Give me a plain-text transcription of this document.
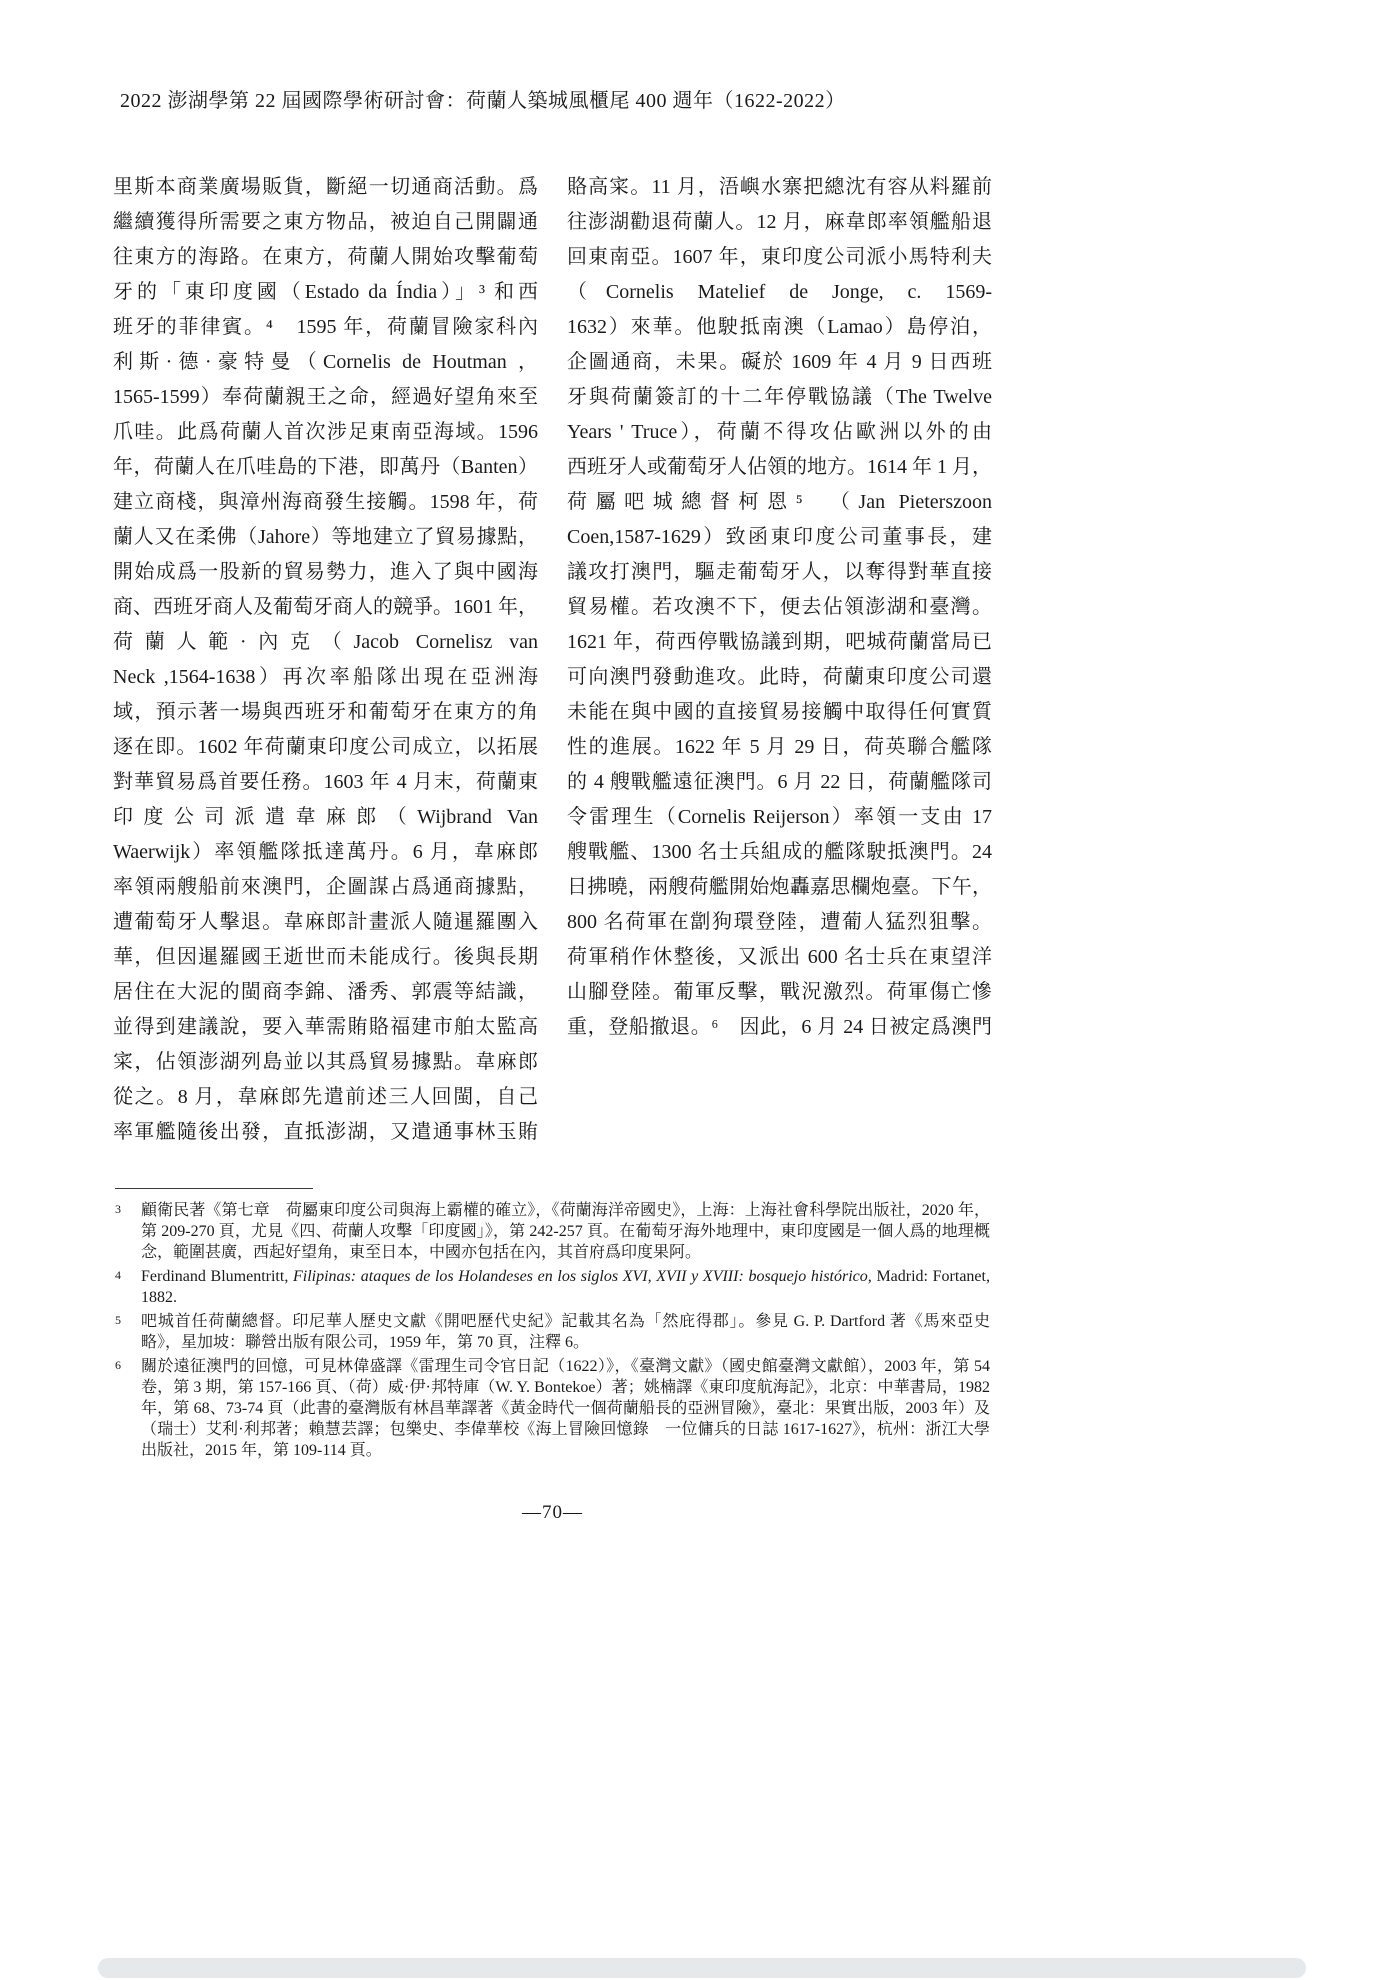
2022 澎湖學第 22 屆國際學術研討會：荷蘭人築城風櫃尾 400 週年（1622-2022）
里斯本商業廣場販貨，斷絕一切通商活動。爲
繼續獲得所需要之東方物品，被迫自己開闢通
往東方的海路。在東方，荷蘭人開始攻擊葡萄
牙的「東印度國（Estado da Índia）」³ 和西
班牙的菲律賓。⁴　1595 年，荷蘭冒險家科內
利斯·德·豪特曼（Cornelis de Houtman ，
1565-1599）奉荷蘭親王之命，經過好望角來至
爪哇。此爲荷蘭人首次涉足東南亞海域。1596
年，荷蘭人在爪哇島的下港，即萬丹（Banten）
建立商棧，與漳州海商發生接觸。1598 年，荷
蘭人又在柔佛（Jahore）等地建立了貿易據點，
開始成爲一股新的貿易勢力，進入了與中國海
商、西班牙商人及葡萄牙商人的競爭。1601 年，
荷蘭人範·內克（Jacob Cornelisz van
Neck ,1564-1638）再次率船隊出現在亞洲海
域，預示著一場與西班牙和葡萄牙在東方的角
逐在即。1602 年荷蘭東印度公司成立，以拓展
對華貿易爲首要任務。1603 年 4 月末，荷蘭東
印度公司派遣韋麻郎（Wijbrand Van
Waerwijk）率領艦隊抵達萬丹。6 月，韋麻郎
率領兩艘船前來澳門，企圖謀占爲通商據點，
遭葡萄牙人擊退。韋麻郎計畫派人隨暹羅團入
華，但因暹羅國王逝世而未能成行。後與長期
居住在大泥的閩商李錦、潘秀、郭震等結識，
並得到建議說，要入華需賄賂福建市舶太監高
寀，佔領澎湖列島並以其爲貿易據點。韋麻郎
從之。8 月，韋麻郎先遣前述三人回閩，自己
率軍艦隨後出發，直抵澎湖，又遣通事林玉賄
賂高寀。11 月，浯嶼水寨把總沈有容从料羅前
往澎湖勸退荷蘭人。12 月，麻韋郎率領艦船退
回東南亞。1607 年，東印度公司派小馬特利夫
（Cornelis Matelief de Jonge, c. 1569-
1632）來華。他駛抵南澳（Lamao）島停泊，
企圖通商，未果。礙於 1609 年 4 月 9 日西班
牙與荷蘭簽訂的十二年停戰協議（The Twelve
Years ' Truce），荷蘭不得攻佔歐洲以外的由
西班牙人或葡萄牙人佔領的地方。1614 年 1 月，
荷屬吧城總督柯恩⁵　（Jan Pieterszoon
Coen,1587-1629）致函東印度公司董事長，建
議攻打澳門，驅走葡萄牙人，以奪得對華直接
貿易權。若攻澳不下，便去佔領澎湖和臺灣。
1621 年，荷西停戰協議到期，吧城荷蘭當局已
可向澳門發動進攻。此時，荷蘭東印度公司還
未能在與中國的直接貿易接觸中取得任何實質
性的進展。1622 年 5 月 29 日，荷英聯合艦隊
的 4 艘戰艦遠征澳門。6 月 22 日，荷蘭艦隊司
令雷理生（Cornelis Reijerson）率領一支由 17
艘戰艦、1300 名士兵組成的艦隊駛抵澳門。24
日拂曉，兩艘荷艦開始炮轟嘉思欄炮臺。下午，
800 名荷軍在劏狗環登陸，遭葡人猛烈狙擊。
荷軍稍作休整後，又派出 600 名士兵在東望洋
山腳登陸。葡軍反擊，戰況激烈。荷軍傷亡慘
重，登船撤退。⁶　因此，6 月 24 日被定爲澳門
3	顧衛民著《第七章　荷屬東印度公司與海上霸權的確立》，《荷蘭海洋帝國史》，上海：上海社會科學院出版社，2020 年，第 209-270 頁，尤見《四、荷蘭人攻擊「印度國」》，第 242-257 頁。在葡萄牙海外地理中，東印度國是一個人爲的地理概念，範圍甚廣，西起好望角，東至日本，中國亦包括在內，其首府爲印度果阿。
4	Ferdinand Blumentritt, Filipinas: ataques de los Holandeses en los siglos XVI, XVII y XVIII: bosquejo histórico, Madrid: Fortanet, 1882.
5	吧城首任荷蘭總督。印尼華人歷史文獻《開吧歷代史紀》記載其名為「然庇得郡」。參見 G. P. Dartford 著《馬來亞史略》，星加坡：聯營出版有限公司，1959 年，第 70 頁，注釋 6。
6	關於遠征澳門的回憶，可見林偉盛譯《雷理生司令官日記（1622）》，《臺灣文獻》（國史館臺灣文獻館），2003 年，第 54 卷，第 3 期，第 157-166 頁、（荷）威·伊·邦特庫（W. Y. Bontekoe）著；姚楠譯《東印度航海記》，北京：中華書局，1982 年，第 68、73-74 頁（此書的臺灣版有林昌華譯著《黃金時代一個荷蘭船長的亞洲冒險》，臺北：果實出版，2003 年）及（瑞士）艾利·利邦著；賴慧芸譯；包樂史、李偉華校《海上冒險回憶錄　一位傭兵的日誌 1617-1627》，杭州：浙江大學出版社，2015 年，第 109-114 頁。
—70—
